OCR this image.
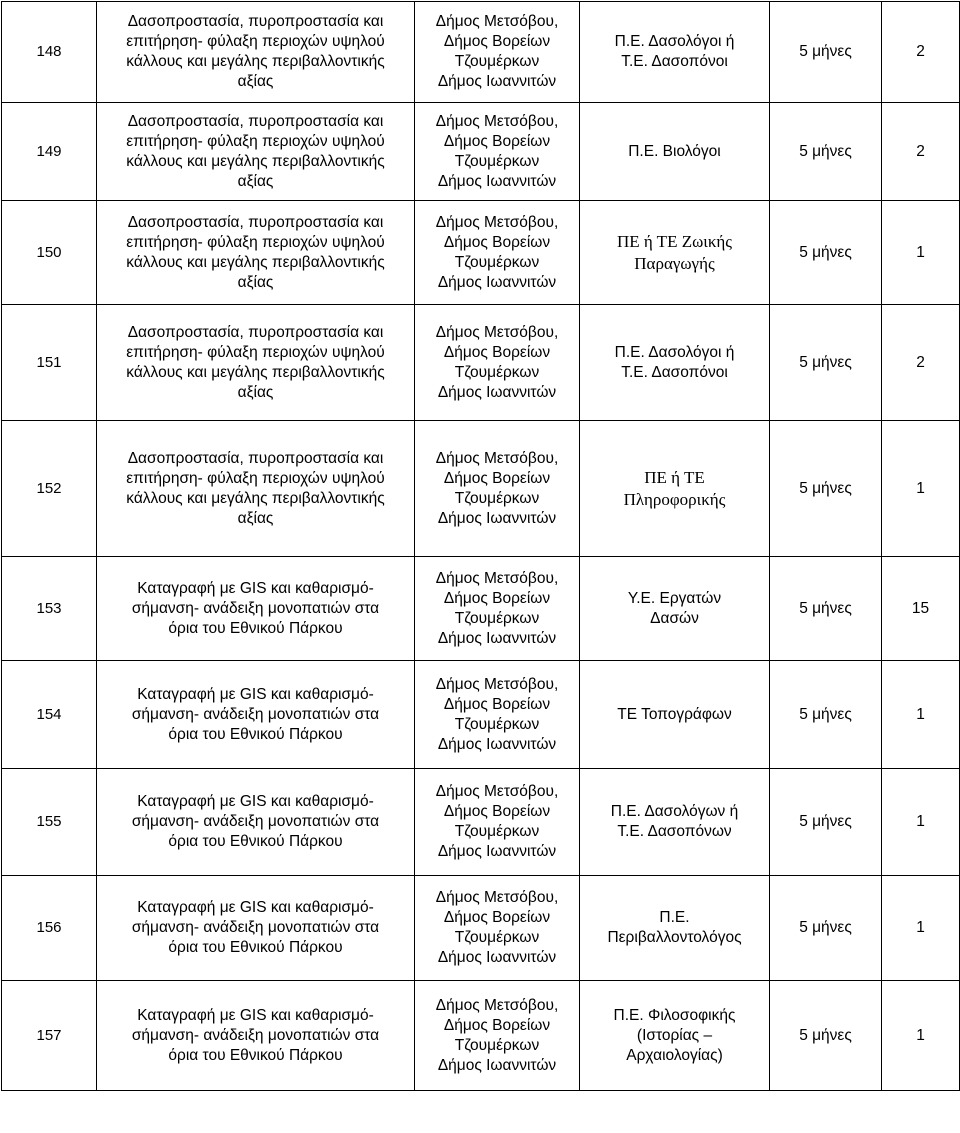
148	Δασοπροστασία, πυροπροστασία και
επιτήρηση- φύλαξη περιοχών υψηλού
κάλλους και μεγάλης περιβαλλοντικής
αξίας	Δήμος Μετσόβου,
Δήμος Βορείων
Τζουμέρκων
Δήμος Ιωαννιτών	Π.Ε. Δασολόγοι ή
Τ.Ε. Δασοπόνοι	5 μήνες	2
149	Δασοπροστασία, πυροπροστασία και
επιτήρηση- φύλαξη περιοχών υψηλού
κάλλους και μεγάλης περιβαλλοντικής
αξίας	Δήμος Μετσόβου,
Δήμος Βορείων
Τζουμέρκων
Δήμος Ιωαννιτών	Π.Ε. Βιολόγοι	5 μήνες	2
150	Δασοπροστασία, πυροπροστασία και
επιτήρηση- φύλαξη περιοχών υψηλού
κάλλους και μεγάλης περιβαλλοντικής
αξίας	Δήμος Μετσόβου,
Δήμος Βορείων
Τζουμέρκων
Δήμος Ιωαννιτών	ΠΕ ή ΤΕ Ζωικής
Παραγωγής	5 μήνες	1
151	Δασοπροστασία, πυροπροστασία και
επιτήρηση- φύλαξη περιοχών υψηλού
κάλλους και μεγάλης περιβαλλοντικής
αξίας	Δήμος Μετσόβου,
Δήμος Βορείων
Τζουμέρκων
Δήμος Ιωαννιτών	Π.Ε. Δασολόγοι ή
Τ.Ε. Δασοπόνοι	5 μήνες	2
152	Δασοπροστασία, πυροπροστασία και
επιτήρηση- φύλαξη περιοχών υψηλού
κάλλους και μεγάλης περιβαλλοντικής
αξίας	Δήμος Μετσόβου,
Δήμος Βορείων
Τζουμέρκων
Δήμος Ιωαννιτών	ΠΕ ή ΤΕ
Πληροφορικής	5 μήνες	1
153	Καταγραφή με GIS και καθαρισμό-
σήμανση- ανάδειξη μονοπατιών στα
όρια του Εθνικού Πάρκου	Δήμος Μετσόβου,
Δήμος Βορείων
Τζουμέρκων
Δήμος Ιωαννιτών	Υ.Ε. Εργατών
Δασών	5 μήνες	15
154	Καταγραφή με GIS και καθαρισμό-
σήμανση- ανάδειξη μονοπατιών στα
όρια του Εθνικού Πάρκου	Δήμος Μετσόβου,
Δήμος Βορείων
Τζουμέρκων
Δήμος Ιωαννιτών	ΤΕ Τοπογράφων	5 μήνες	1
155	Καταγραφή με GIS και καθαρισμό-
σήμανση- ανάδειξη μονοπατιών στα
όρια του Εθνικού Πάρκου	Δήμος Μετσόβου,
Δήμος Βορείων
Τζουμέρκων
Δήμος Ιωαννιτών	Π.Ε. Δασολόγων ή
Τ.Ε. Δασοπόνων	5 μήνες	1
156	Καταγραφή με GIS και καθαρισμό-
σήμανση- ανάδειξη μονοπατιών στα
όρια του Εθνικού Πάρκου	Δήμος Μετσόβου,
Δήμος Βορείων
Τζουμέρκων
Δήμος Ιωαννιτών	Π.Ε.
Περιβαλλοντολόγος	5 μήνες	1
157	Καταγραφή με GIS και καθαρισμό-
σήμανση- ανάδειξη μονοπατιών στα
όρια του Εθνικού Πάρκου	Δήμος Μετσόβου,
Δήμος Βορείων
Τζουμέρκων
Δήμος Ιωαννιτών	Π.Ε. Φιλοσοφικής
(Ιστορίας –
Αρχαιολογίας)	5 μήνες	1
